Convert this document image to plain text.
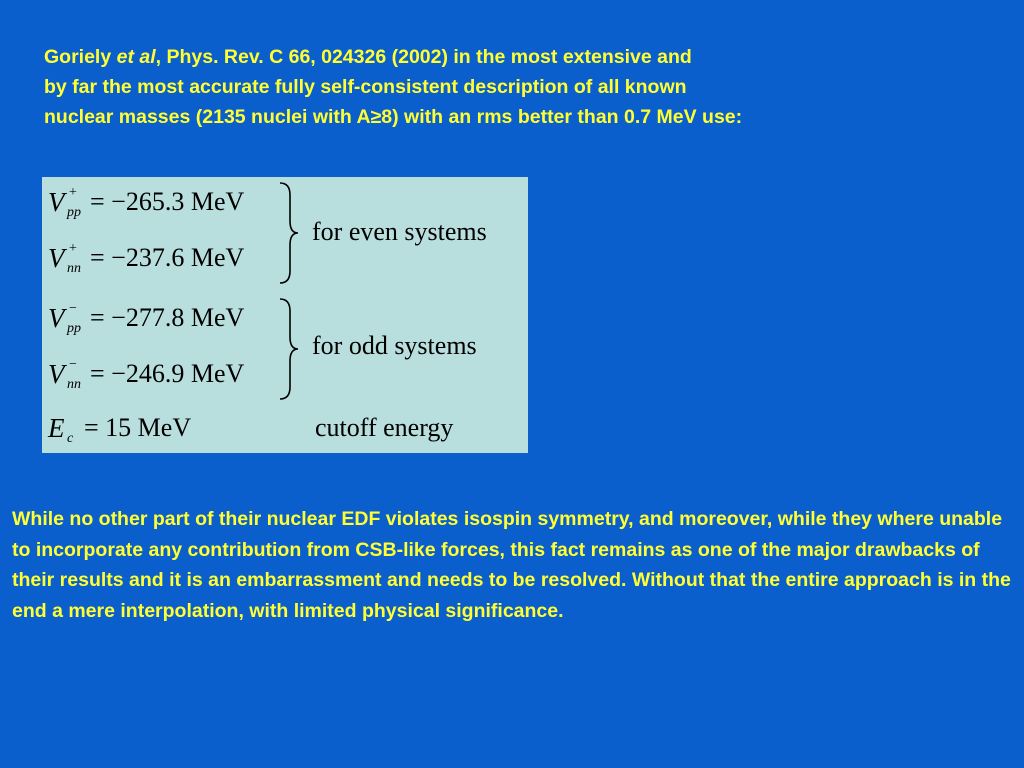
Goriely et al, Phys. Rev. C 66, 024326 (2002) in the most extensive and
by far the most accurate fully self-consistent description of all known
nuclear masses (2135 nuclei with A≥8) with an rms better than 0.7 MeV use:

V +
pp = −265.3 MeV
V +
nn = −237.6 MeV
for even systems
V −
pp = −277.8 MeV
V −
nn = −246.9 MeV
for odd systems
E c = 15 MeV	cutoff energy

While no other part of their nuclear EDF violates isospin symmetry, and moreover, while they where unable to incorporate any contribution from CSB-like forces, this fact remains as one of the major drawbacks of their results and it is an embarrassment and needs to be resolved. Without that the entire approach is in the end a mere interpolation, with limited physical significance.
